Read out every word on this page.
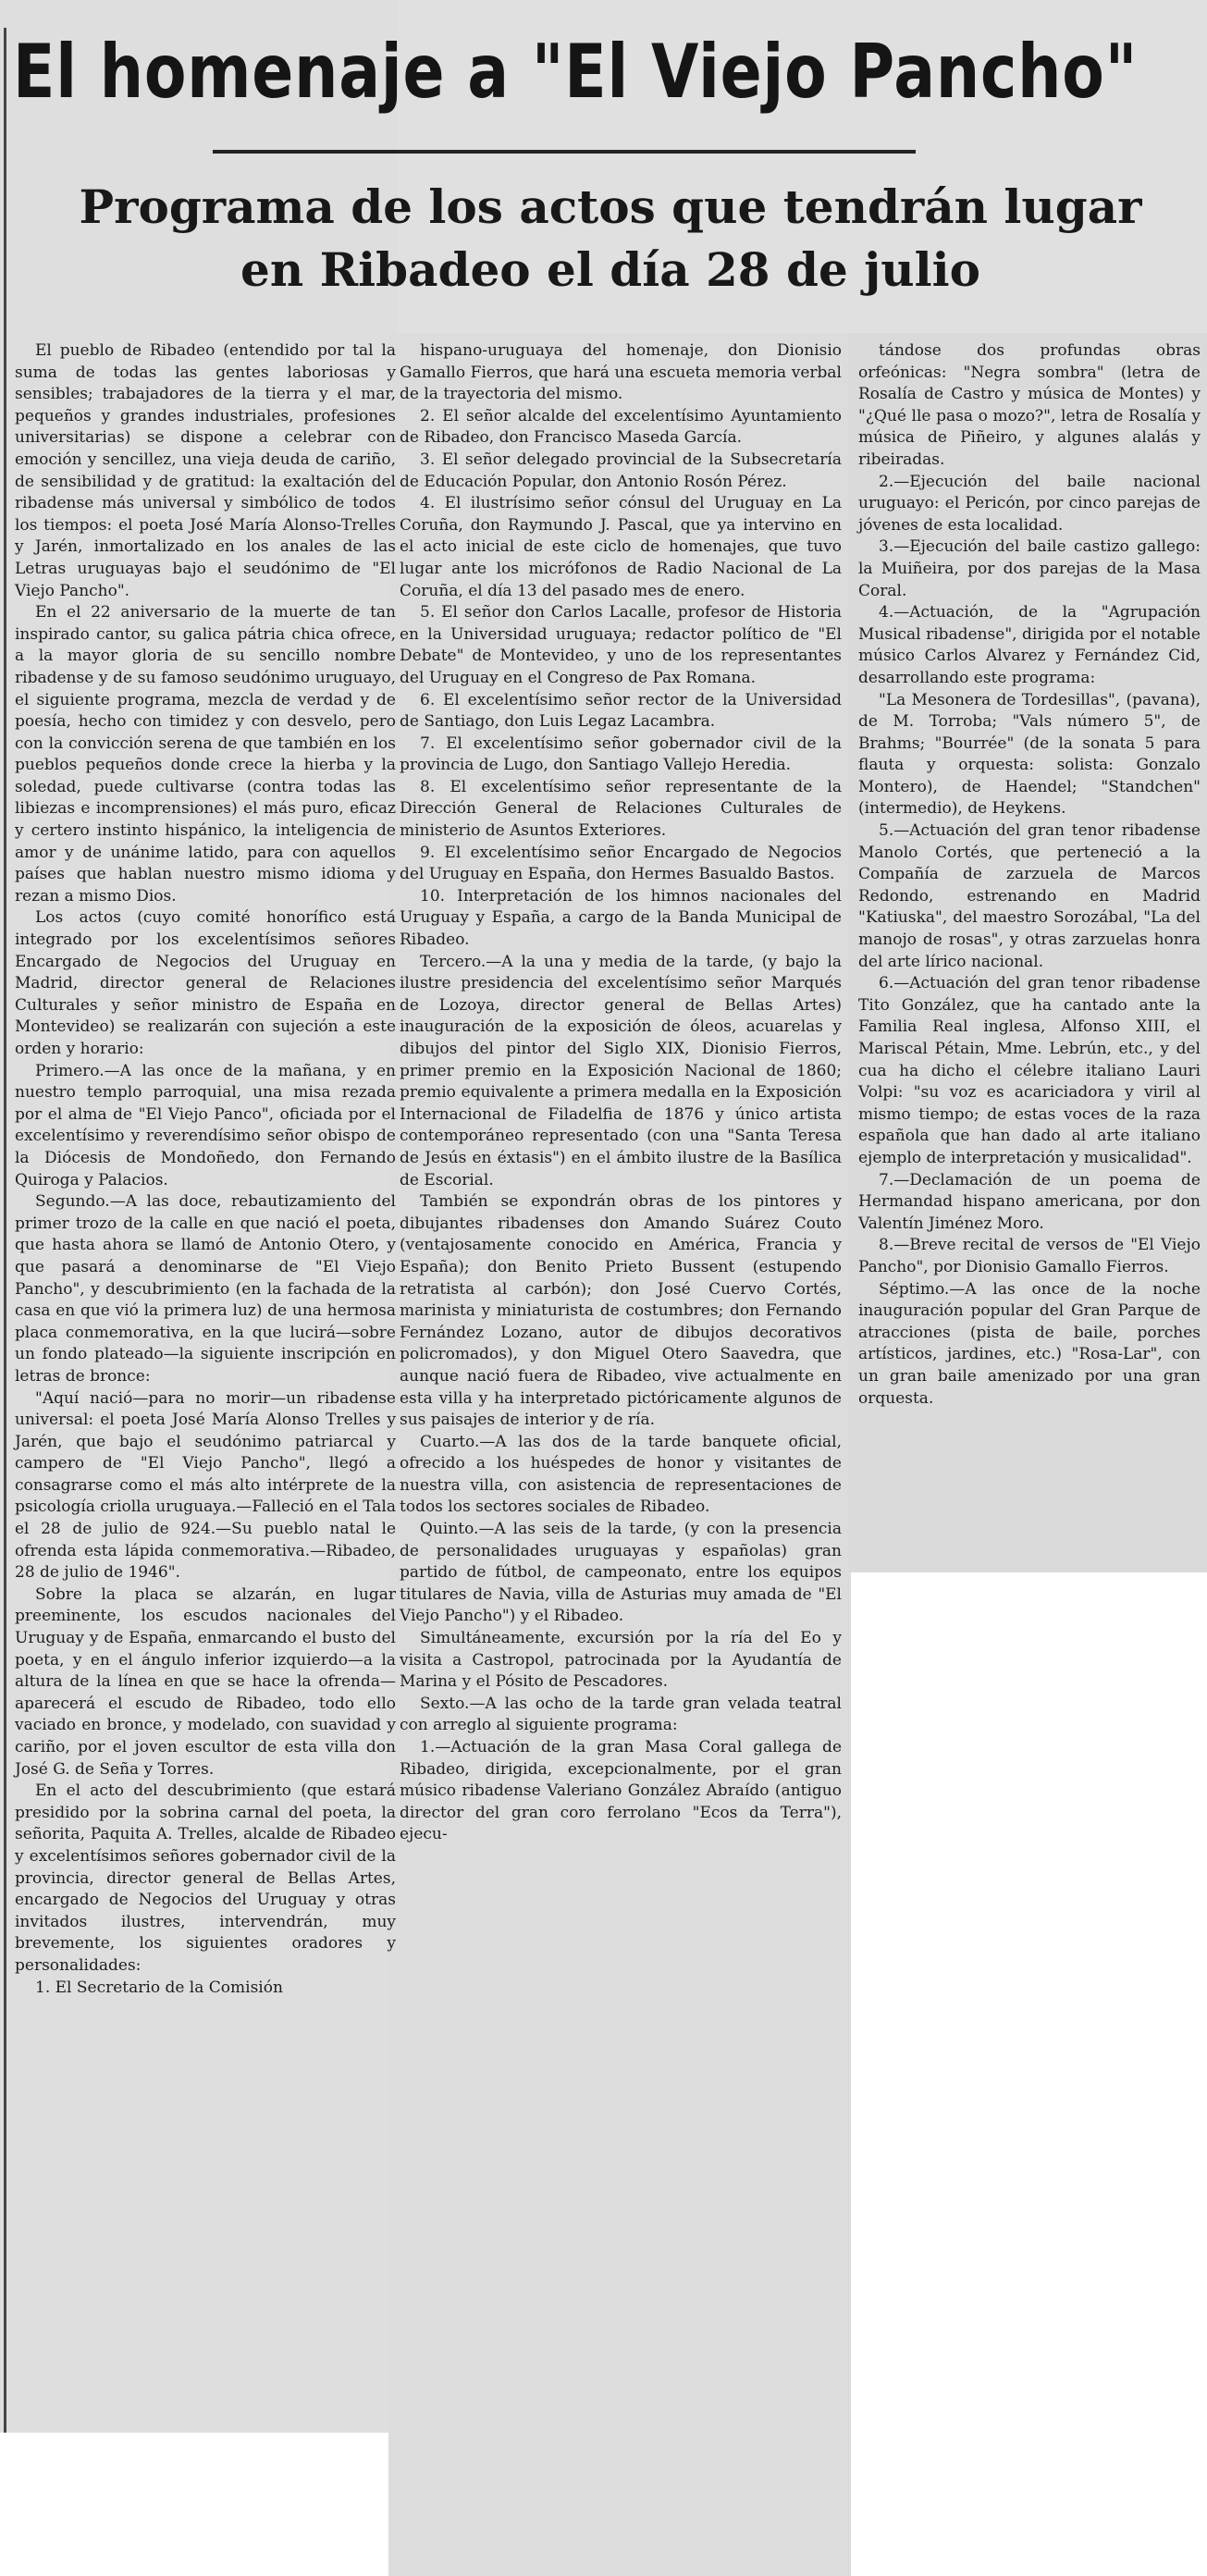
El homenaje a "El Viejo Pancho"
Programa de los actos que tendrán lugar
en Ribadeo el día 28 de julio

El pueblo de Ribadeo (entendido por tal la suma de todas las gentes laboriosas y sensibles; trabajadores de la tierra y el mar, pequeños y grandes industriales, profesiones universitarias) se dispone a celebrar con emoción y sencillez, una vieja deuda de cariño, de sensibilidad y de gratitud: la exaltación del ribadense más universal y simbólico de todos los tiempos: el poeta José María Alonso-Trelles y Jarén, inmortalizado en los anales de las Letras uruguayas bajo el seudónimo de "El Viejo Pancho".

En el 22 aniversario de la muerte de tan inspirado cantor, su galica pátria chica ofrece, a la mayor gloria de su sencillo nombre ribadense y de su famoso seudónimo uruguayo, el siguiente programa, mezcla de verdad y de poesía, hecho con timidez y con desvelo, pero con la convicción serena de que también en los pueblos pequeños donde crece la hierba y la soledad, puede cultivarse (contra todas las libiezas e incomprensiones) el más puro, eficaz y certero instinto hispánico, la inteligencia de amor y de unánime latido, para con aquellos países que hablan nuestro mismo idioma y rezan a mismo Dios.

Los actos (cuyo comité honorífico está integrado por los excelentísimos señores Encargado de Negocios del Uruguay en Madrid, director general de Relaciones Culturales y señor ministro de España en Montevideo) se realizarán con sujeción a este orden y horario:

Primero.—A las once de la mañana, y en nuestro templo parroquial, una misa rezada por el alma de "El Viejo Panco", oficiada por el excelentísimo y reverendísimo señor obispo de la Diócesis de Mondoñedo, don Fernando Quiroga y Palacios.

Segundo.—A las doce, rebautizamiento del primer trozo de la calle en que nació el poeta, que hasta ahora se llamó de Antonio Otero, y que pasará a denominarse de "El Viejo Pancho", y descubrimiento (en la fachada de la casa en que vió la primera luz) de una hermosa placa conmemorativa, en la que lucirá—sobre un fondo plateado—la siguiente inscripción en letras de bronce:

"Aquí nació—para no morir—un ribadense universal: el poeta José María Alonso Trelles y Jarén, que bajo el seudónimo patriarcal y campero de "El Viejo Pancho", llegó a consagrarse como el más alto intérprete de la psicología criolla uruguaya.—Falleció en el Tala el 28 de julio de 924.—Su pueblo natal le ofrenda esta lápida conmemorativa.—Ribadeo, 28 de julio de 1946".

Sobre la placa se alzarán, en lugar preeminente, los escudos nacionales del Uruguay y de España, enmarcando el busto del poeta, y en el ángulo inferior izquierdo—a la altura de la línea en que se hace la ofrenda—aparecerá el escudo de Ribadeo, todo ello vaciado en bronce, y modelado, con suavidad y cariño, por el joven escultor de esta villa don José G. de Seña y Torres.

En el acto del descubrimiento (que estará presidido por la sobrina carnal del poeta, la señorita, Paquita A. Trelles, alcalde de Ribadeo y excelentísimos señores gobernador civil de la provincia, director general de Bellas Artes, encargado de Negocios del Uruguay y otras invitados ilustres, intervendrán, muy brevemente, los siguientes oradores y personalidades:

1. El Secretario de la Comisión

hispano-uruguaya del homenaje, don Dionisio Gamallo Fierros, que hará una escueta memoria verbal de la trayectoria del mismo.

2. El señor alcalde del excelentísimo Ayuntamiento de Ribadeo, don Francisco Maseda García.

3. El señor delegado provincial de la Subsecretaría de Educación Popular, don Antonio Rosón Pérez.

4. El ilustrísimo señor cónsul del Uruguay en La Coruña, don Raymundo J. Pascal, que ya intervino en el acto inicial de este ciclo de homenajes, que tuvo lugar ante los micrófonos de Radio Nacional de La Coruña, el día 13 del pasado mes de enero.

5. El señor don Carlos Lacalle, profesor de Historia en la Universidad uruguaya; redactor político de "El Debate" de Montevideo, y uno de los representantes del Uruguay en el Congreso de Pax Romana.

6. El excelentísimo señor rector de la Universidad de Santiago, don Luis Legaz Lacambra.

7. El excelentísimo señor gobernador civil de la provincia de Lugo, don Santiago Vallejo Heredia.

8. El excelentísimo señor representante de la Dirección General de Relaciones Culturales de ministerio de Asuntos Exteriores.

9. El excelentísimo señor Encargado de Negocios del Uruguay en España, don Hermes Basualdo Bastos.

10. Interpretación de los himnos nacionales del Uruguay y España, a cargo de la Banda Municipal de Ribadeo.

Tercero.—A la una y media de la tarde, (y bajo la ilustre presidencia del excelentísimo señor Marqués de Lozoya, director general de Bellas Artes) inauguración de la exposición de óleos, acuarelas y dibujos del pintor del Siglo XIX, Dionisio Fierros, primer premio en la Exposición Nacional de 1860; premio equivalente a primera medalla en la Exposición Internacional de Filadelfia de 1876 y único artista contemporáneo representado (con una "Santa Teresa de Jesús en éxtasis") en el ámbito ilustre de la Basílica de Escorial.

También se expondrán obras de los pintores y dibujantes ribadenses don Amando Suárez Couto (ventajosamente conocido en América, Francia y España); don Benito Prieto Bussent (estupendo retratista al carbón); don José Cuervo Cortés, marinista y miniaturista de costumbres; don Fernando Fernández Lozano, autor de dibujos decorativos policromados), y don Miguel Otero Saavedra, que aunque nació fuera de Ribadeo, vive actualmente en esta villa y ha interpretado pictóricamente algunos de sus paisajes de interior y de ría.

Cuarto.—A las dos de la tarde banquete oficial, ofrecido a los huéspedes de honor y visitantes de nuestra villa, con asistencia de representaciones de todos los sectores sociales de Ribadeo.

Quinto.—A las seis de la tarde, (y con la presencia de personalidades uruguayas y españolas) gran partido de fútbol, de campeonato, entre los equipos titulares de Navia, villa de Asturias muy amada de "El Viejo Pancho") y el Ribadeo.

Simultáneamente, excursión por la ría del Eo y visita a Castropol, patrocinada por la Ayudantía de Marina y el Pósito de Pescadores.

Sexto.—A las ocho de la tarde gran velada teatral con arreglo al siguiente programa:

1.—Actuación de la gran Masa Coral gallega de Ribadeo, dirigida, excepcionalmente, por el gran músico ribadense Valeriano González Abraído (antiguo director del gran coro ferrolano "Ecos da Terra"), ejecu-

tándose dos profundas obras orfeónicas: "Negra sombra" (letra de Rosalía de Castro y música de Montes) y "¿Qué lle pasa o mozo?", letra de Rosalía y música de Piñeiro, y algunes alalás y ribeiradas.

2.—Ejecución del baile nacional uruguayo: el Pericón, por cinco parejas de jóvenes de esta localidad.

3.—Ejecución del baile castizo gallego: la Muiñeira, por dos parejas de la Masa Coral.

4.—Actuación, de la "Agrupación Musical ribadense", dirigida por el notable músico Carlos Alvarez y Fernández Cid, desarrollando este programa:

"La Mesonera de Tordesillas", (pavana), de M. Torroba; "Vals número 5", de Brahms; "Bourrée" (de la sonata 5 para flauta y orquesta: solista: Gonzalo Montero), de Haendel; "Standchen" (intermedio), de Heykens.

5.—Actuación del gran tenor ribadense Manolo Cortés, que perteneció a la Compañía de zarzuela de Marcos Redondo, estrenando en Madrid "Katiuska", del maestro Sorozábal, "La del manojo de rosas", y otras zarzuelas honra del arte lírico nacional.

6.—Actuación del gran tenor ribadense Tito González, que ha cantado ante la Familia Real inglesa, Alfonso XIII, el Mariscal Pétain, Mme. Lebrún, etc., y del cua ha dicho el célebre italiano Lauri Volpi: "su voz es acariciadora y viril al mismo tiempo; de estas voces de la raza española que han dado al arte italiano ejemplo de interpretación y musicalidad".

7.—Declamación de un poema de Hermandad hispano americana, por don Valentín Jiménez Moro.

8.—Breve recital de versos de "El Viejo Pancho", por Dionisio Gamallo Fierros.

Séptimo.—A las once de la noche inauguración popular del Gran Parque de atracciones (pista de baile, porches artísticos, jardines, etc.) "Rosa-Lar", con un gran baile amenizado por una gran orquesta.
